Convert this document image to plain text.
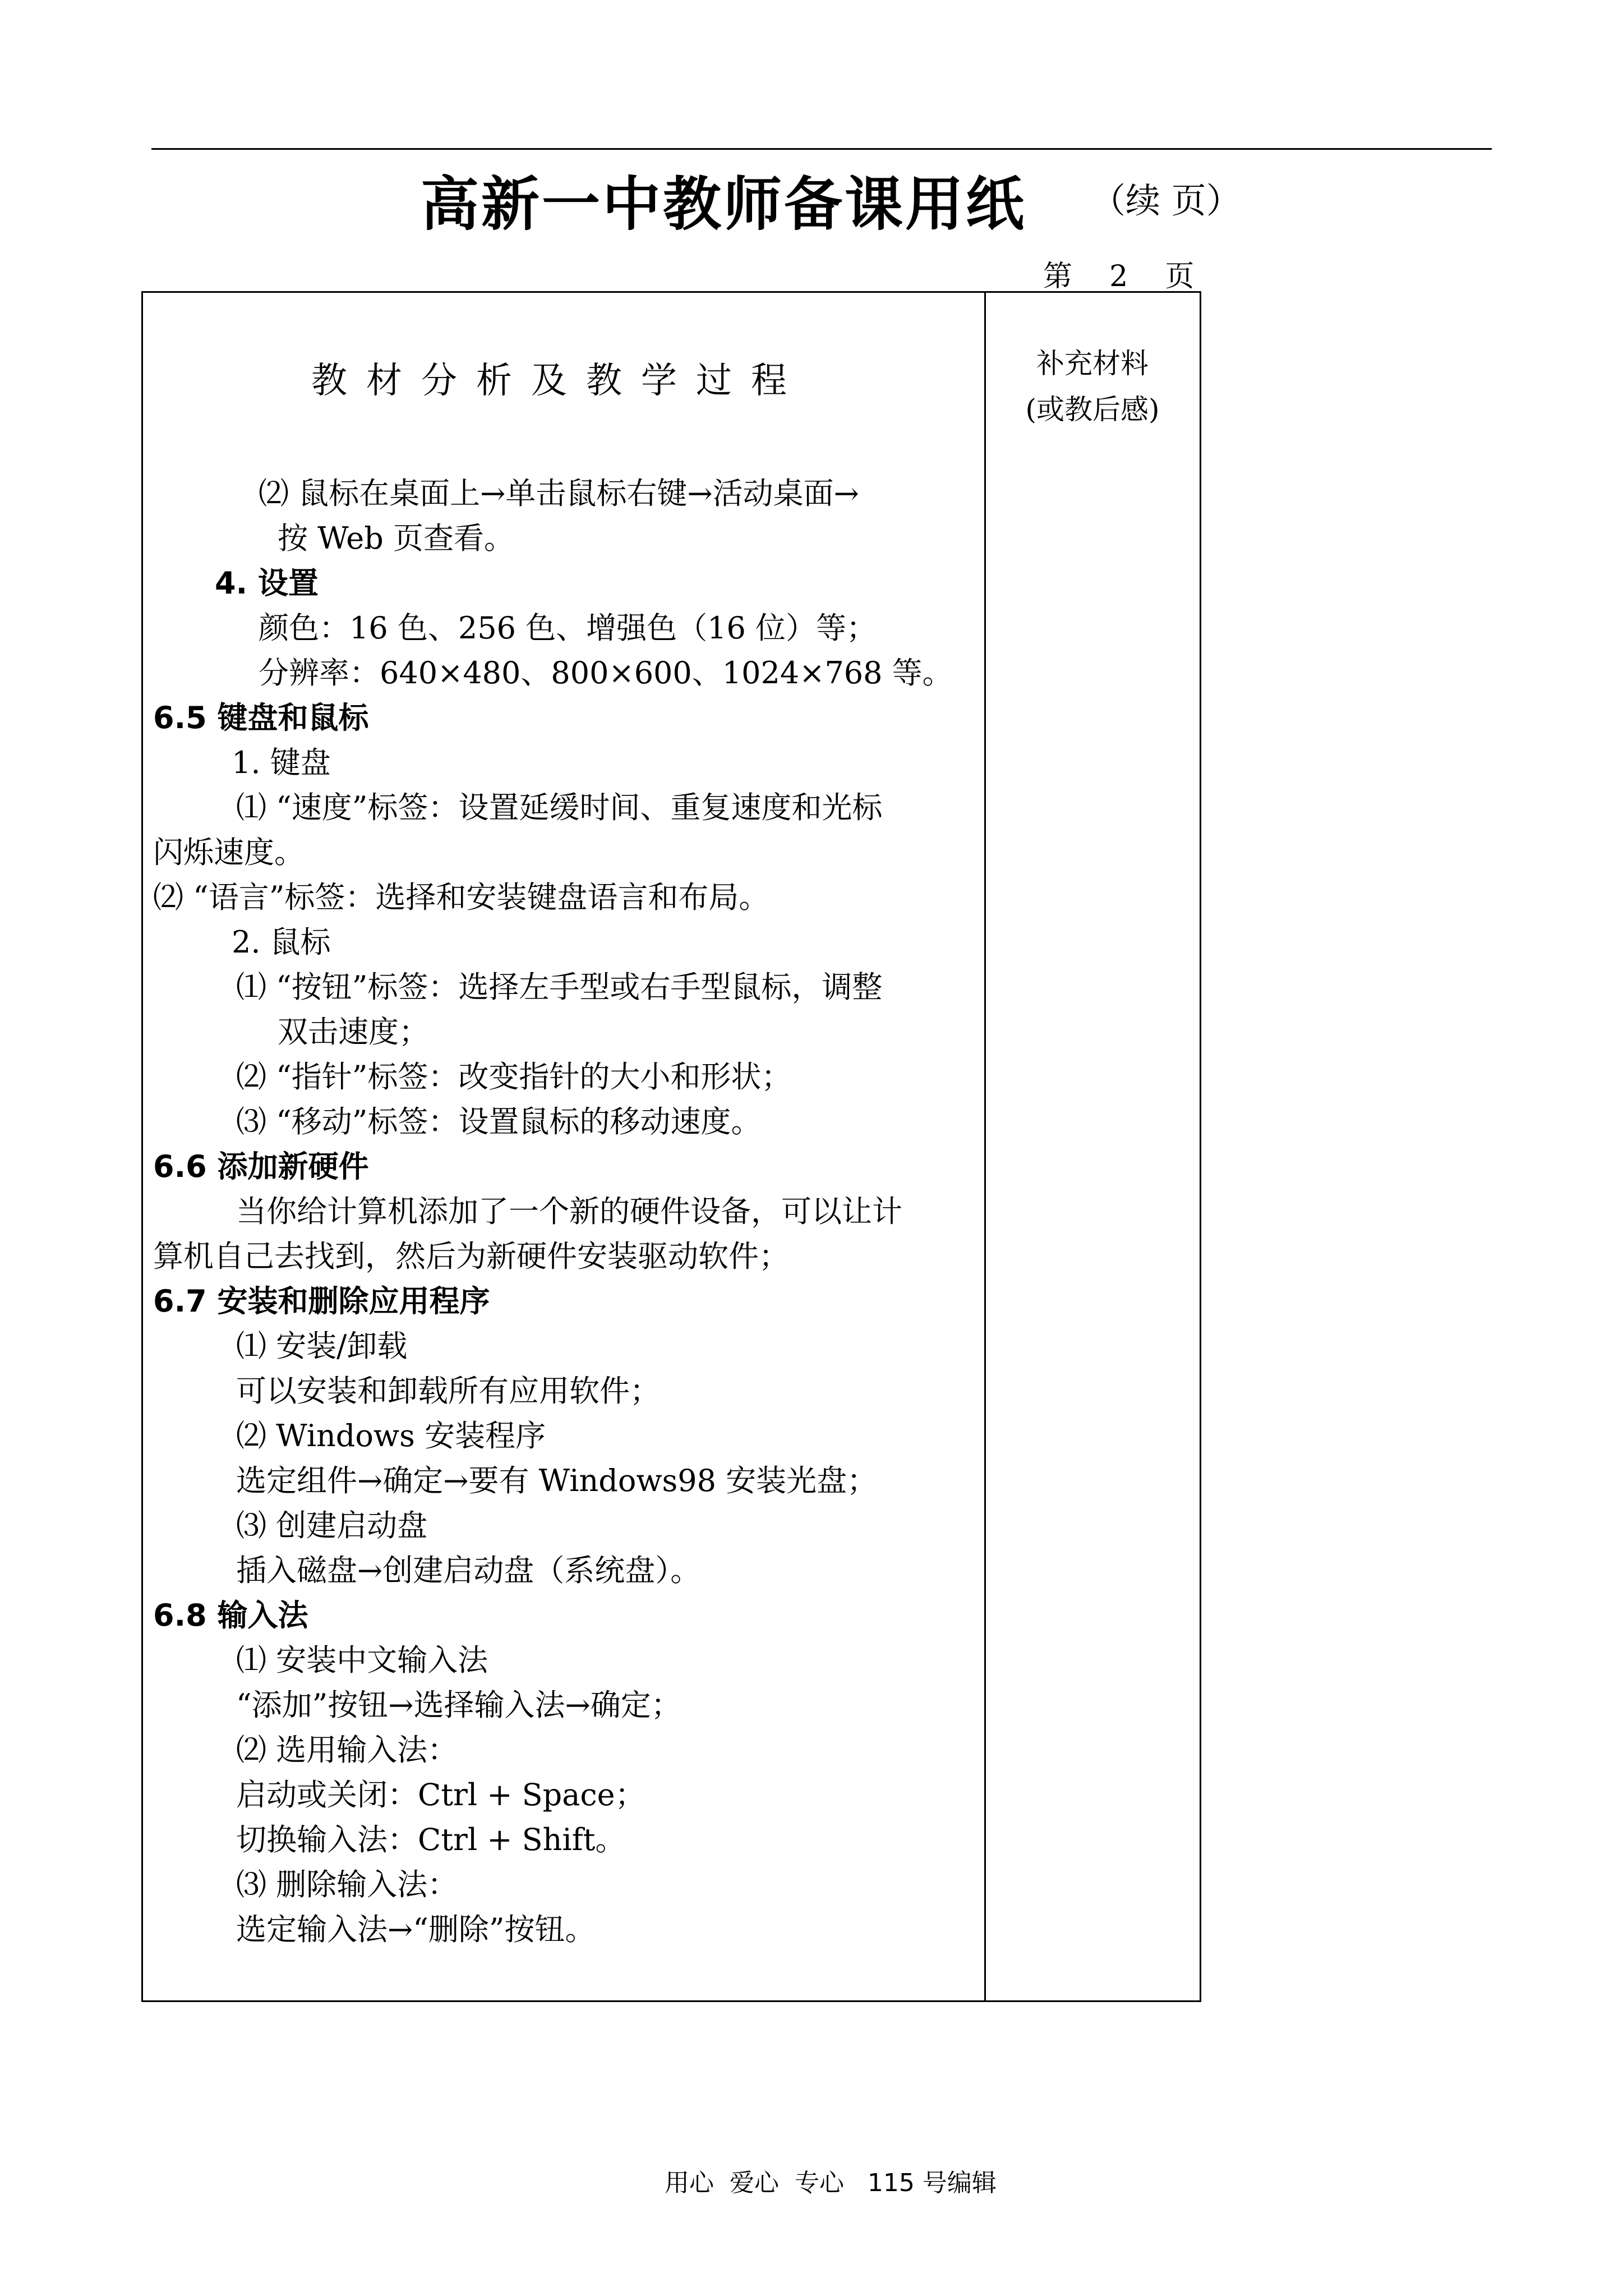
高新一中教师备课用纸 （续 页）
第    2    页
教材分析及教学过程	补充材料
(或教后感)
⑵ 鼠标在桌面上→单击鼠标右键→活动桌面→
按 Web 页查看。
4. 设置
颜色：16 色、256 色、增强色（16 位）等；
分辨率：640×480、800×600、1024×768 等。
6.5 键盘和鼠标
1. 键盘
⑴ “速度”标签：设置延缓时间、重复速度和光标
闪烁速度。
⑵ “语言”标签：选择和安装键盘语言和布局。
2. 鼠标
⑴ “按钮”标签：选择左手型或右手型鼠标，调整
双击速度；
⑵ “指针”标签：改变指针的大小和形状；
⑶ “移动”标签：设置鼠标的移动速度。
6.6 添加新硬件
当你给计算机添加了一个新的硬件设备，可以让计
算机自己去找到，然后为新硬件安装驱动软件；
6.7 安装和删除应用程序
⑴ 安装/卸载
可以安装和卸载所有应用软件；
⑵ Windows 安装程序
选定组件→确定→要有 Windows98 安装光盘；
⑶ 创建启动盘
插入磁盘→创建启动盘（系统盘）。
6.8 输入法
⑴ 安装中文输入法
“添加”按钮→选择输入法→确定；
⑵ 选用输入法：
启动或关闭：Ctrl + Space；
切换输入法：Ctrl + Shift。
⑶ 删除输入法：
选定输入法→“删除”按钮。
用心  爱心  专心   115 号编辑
